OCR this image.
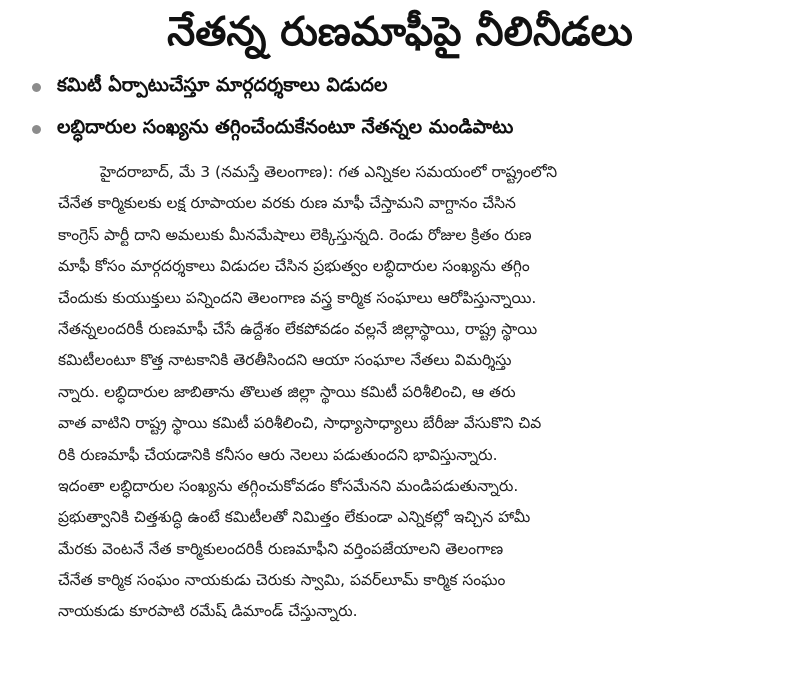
నేతన్న రుణమాఫీపై నీలినీడలు
కమిటీ ఏర్పాటుచేస్తూ మార్గదర్శకాలు విడుదల
లబ్ధిదారుల సంఖ్యను తగ్గించేందుకేనంటూ నేతన్నల మండిపాటు
హైదరాబాద్, మే 3 (నమస్తే తెలంగాణ): గత ఎన్నికల సమయంలో రాష్ట్రంలోని
చేనేత కార్మికులకు లక్ష రూపాయల వరకు రుణ మాఫీ చేస్తామని వాగ్దానం చేసిన
కాంగ్రెస్ పార్టీ దాని అమలుకు మీనమేషాలు లెక్కిస్తున్నది. రెండు రోజుల క్రితం రుణ
మాఫీ కోసం మార్గదర్శకాలు విడుదల చేసిన ప్రభుత్వం లబ్ధిదారుల సంఖ్యను తగ్గిం
చేందుకు కుయుక్తులు పన్నిందని తెలంగాణ వస్త్ర కార్మిక సంఘాలు ఆరోపిస్తున్నాయి.
నేతన్నలందరికీ రుణమాఫీ చేసే ఉద్దేశం లేకపోవడం వల్లనే జిల్లాస్థాయి, రాష్ట్ర స్థాయి
కమిటీలంటూ కొత్త నాటకానికి తెరతీసిందని ఆయా సంఘాల నేతలు విమర్శిస్తు
న్నారు. లబ్ధిదారుల జాబితాను తొలుత జిల్లా స్థాయి కమిటీ పరిశీలించి, ఆ తరు
వాత వాటిని రాష్ట్ర స్థాయి కమిటీ పరిశీలించి, సాధ్యాసాధ్యాలు బేరీజు వేసుకొని చివ
రికి రుణమాఫీ చేయడానికి కనీసం ఆరు నెలలు పడుతుందని భావిస్తున్నారు.
ఇదంతా లబ్ధిదారుల సంఖ్యను తగ్గించుకోవడం కోసమేనని మండిపడుతున్నారు.
ప్రభుత్వానికి చిత్తశుద్ధి ఉంటే కమిటీలతో నిమిత్తం లేకుండా ఎన్నికల్లో ఇచ్చిన హామీ
మేరకు వెంటనే నేత కార్మికులందరికీ రుణమాఫీని వర్తింపజేయాలని తెలంగాణ
చేనేత కార్మిక సంఘం నాయకుడు చెరుకు స్వామి, పవర్‌లూమ్ కార్మిక సంఘం
నాయకుడు కూరపాటి రమేష్ డిమాండ్ చేస్తున్నారు.
